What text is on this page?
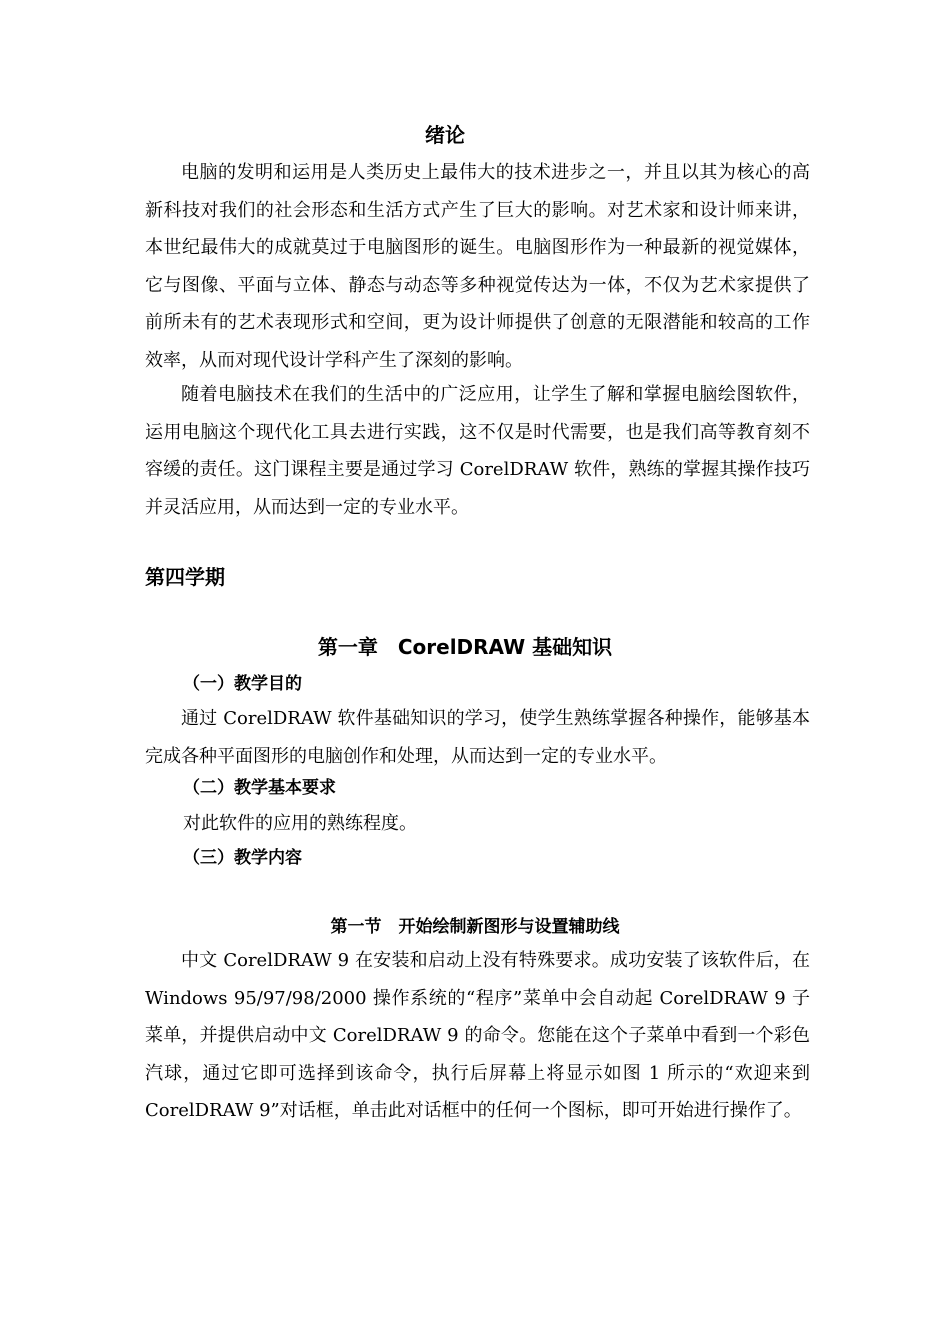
绪论

电脑的发明和运用是人类历史上最伟大的技术进步之一，并且以其为核心的高新科技对我们的社会形态和生活方式产生了巨大的影响。对艺术家和设计师来讲，本世纪最伟大的成就莫过于电脑图形的诞生。电脑图形作为一种最新的视觉媒体，它与图像、平面与立体、静态与动态等多种视觉传达为一体，不仅为艺术家提供了前所未有的艺术表现形式和空间，更为设计师提供了创意的无限潜能和较高的工作效率，从而对现代设计学科产生了深刻的影响。

随着电脑技术在我们的生活中的广泛应用，让学生了解和掌握电脑绘图软件，运用电脑这个现代化工具去进行实践，这不仅是时代需要，也是我们高等教育刻不容缓的责任。这门课程主要是通过学习 CorelDRAW 软件，熟练的掌握其操作技巧并灵活应用，从而达到一定的专业水平。

第四学期
第一章　CorelDRAW 基础知识
（一）教学目的

通过 CorelDRAW 软件基础知识的学习，使学生熟练掌握各种操作，能够基本完成各种平面图形的电脑创作和处理，从而达到一定的专业水平。

（二）教学基本要求
对此软件的应用的熟练程度。
（三）教学内容
第一节　开始绘制新图形与设置辅助线

中文 CorelDRAW 9 在安装和启动上没有特殊要求。成功安装了该软件后，在 Windows 95/97/98/2000 操作系统的“程序”菜单中会自动起 CorelDRAW 9 子菜单，并提供启动中文 CorelDRAW 9 的命令。您能在这个子菜单中看到一个彩色汽球，通过它即可选择到该命令，执行后屏幕上将显示如图 1 所示的“欢迎来到 CorelDRAW 9”对话框，单击此对话框中的任何一个图标，即可开始进行操作了。
